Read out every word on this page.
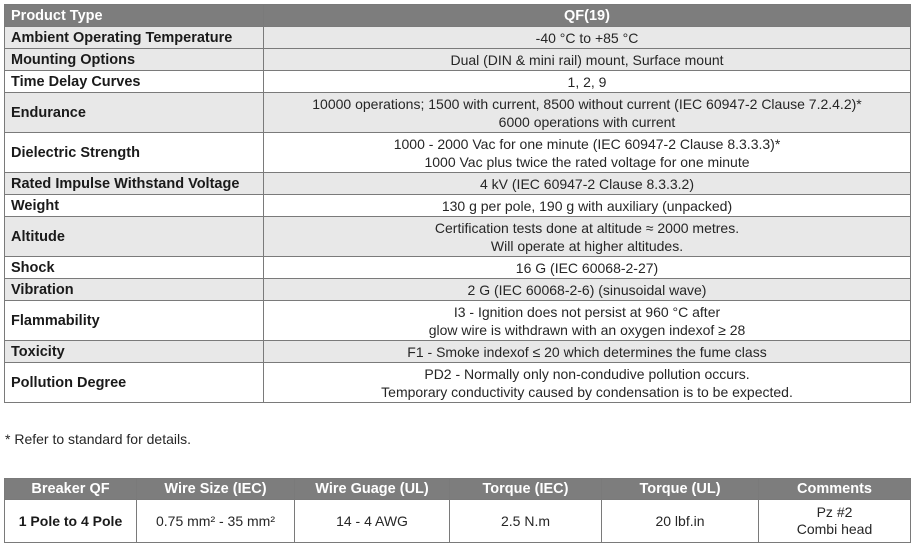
Product Type	QF(19)
Ambient Operating Temperature	-40 °C to +85 °C

Mounting Options	Dual (DIN & mini rail) mount, Surface mount

Time Delay Curves	1, 2, 9

Endurance	10000 operations; 1500 with current, 8500 without current (IEC 60947-2 Clause 7.2.4.2)*
6000 operations with current

Dielectric Strength	1000 - 2000 Vac for one minute (IEC 60947-2 Clause 8.3.3.3)*
1000 Vac plus twice the rated voltage for one minute

Rated Impulse Withstand Voltage	4 kV (IEC 60947-2 Clause 8.3.3.2)

Weight	130 g per pole, 190 g with auxiliary (unpacked)

Altitude	Certification tests done at altitude ≈ 2000 metres.
Will operate at higher altitudes.

Shock	16 G (IEC 60068-2-27)

Vibration	2 G (IEC 60068-2-6) (sinusoidal wave)

Flammability	I3 - Ignition does not persist at 960 °C after
glow wire is withdrawn with an oxygen indexof ≥ 28

Toxicity	F1 - Smoke indexof ≤ 20 which determines the fume class

Pollution Degree	PD2 - Normally only non-condudive pollution occurs.
Temporary conductivity caused by condensation is to be expected.
* Refer to standard for details.
Breaker QF	Wire Size (IEC)	Wire Guage (UL)	Torque (IEC)	Torque (UL)	Comments

1 Pole to 4 Pole	0.75 mm² - 35 mm²	14 - 4 AWG	2.5 N.m	20 lbf.in	Pz #2
Combi head
